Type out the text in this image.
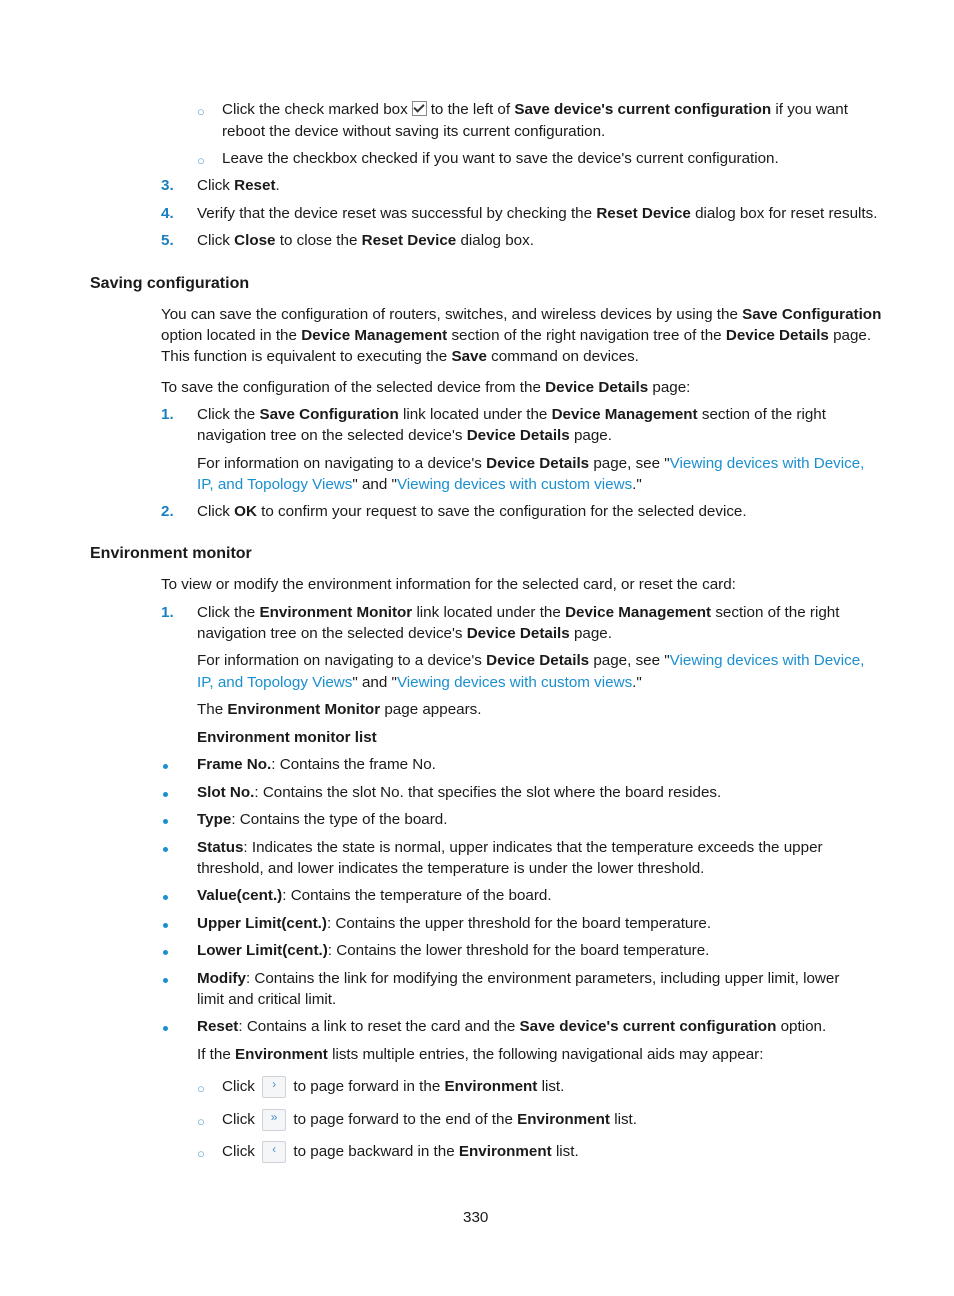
○ Click the check marked box to the left of Save device's current configuration if you want
reboot the device without saving its current configuration.
○ Leave the checkbox checked if you want to save the device's current configuration.
3. Click Reset.
4. Verify that the device reset was successful by checking the Reset Device dialog box for reset results.
5. Click Close to close the Reset Device dialog box.
Saving configuration
You can save the configuration of routers, switches, and wireless devices by using the Save Configuration
option located in the Device Management section of the right navigation tree of the Device Details page.
This function is equivalent to executing the Save command on devices.
To save the configuration of the selected device from the Device Details page:
1. Click the Save Configuration link located under the Device Management section of the right
navigation tree on the selected device's Device Details page.
For information on navigating to a device's Device Details page, see "Viewing devices with Device,
IP, and Topology Views" and "Viewing devices with custom views."
2. Click OK to confirm your request to save the configuration for the selected device.
Environment monitor
To view or modify the environment information for the selected card, or reset the card:
1. Click the Environment Monitor link located under the Device Management section of the right
navigation tree on the selected device's Device Details page.
For information on navigating to a device's Device Details page, see "Viewing devices with Device,
IP, and Topology Views" and "Viewing devices with custom views."
The Environment Monitor page appears.
Environment monitor list
Frame No.: Contains the frame No.
Slot No.: Contains the slot No. that specifies the slot where the board resides.
Type: Contains the type of the board.
Status: Indicates the state is normal, upper indicates that the temperature exceeds the upper
threshold, and lower indicates the temperature is under the lower threshold.
Value(cent.): Contains the temperature of the board.
Upper Limit(cent.): Contains the upper threshold for the board temperature.
Lower Limit(cent.): Contains the lower threshold for the board temperature.
Modify: Contains the link for modifying the environment parameters, including upper limit, lower
limit and critical limit.
Reset: Contains a link to reset the card and the Save device's current configuration option.
If the Environment lists multiple entries, the following navigational aids may appear:
○ Click › to page forward in the Environment list.
○ Click » to page forward to the end of the Environment list.
○ Click ‹ to page backward in the Environment list.
330
